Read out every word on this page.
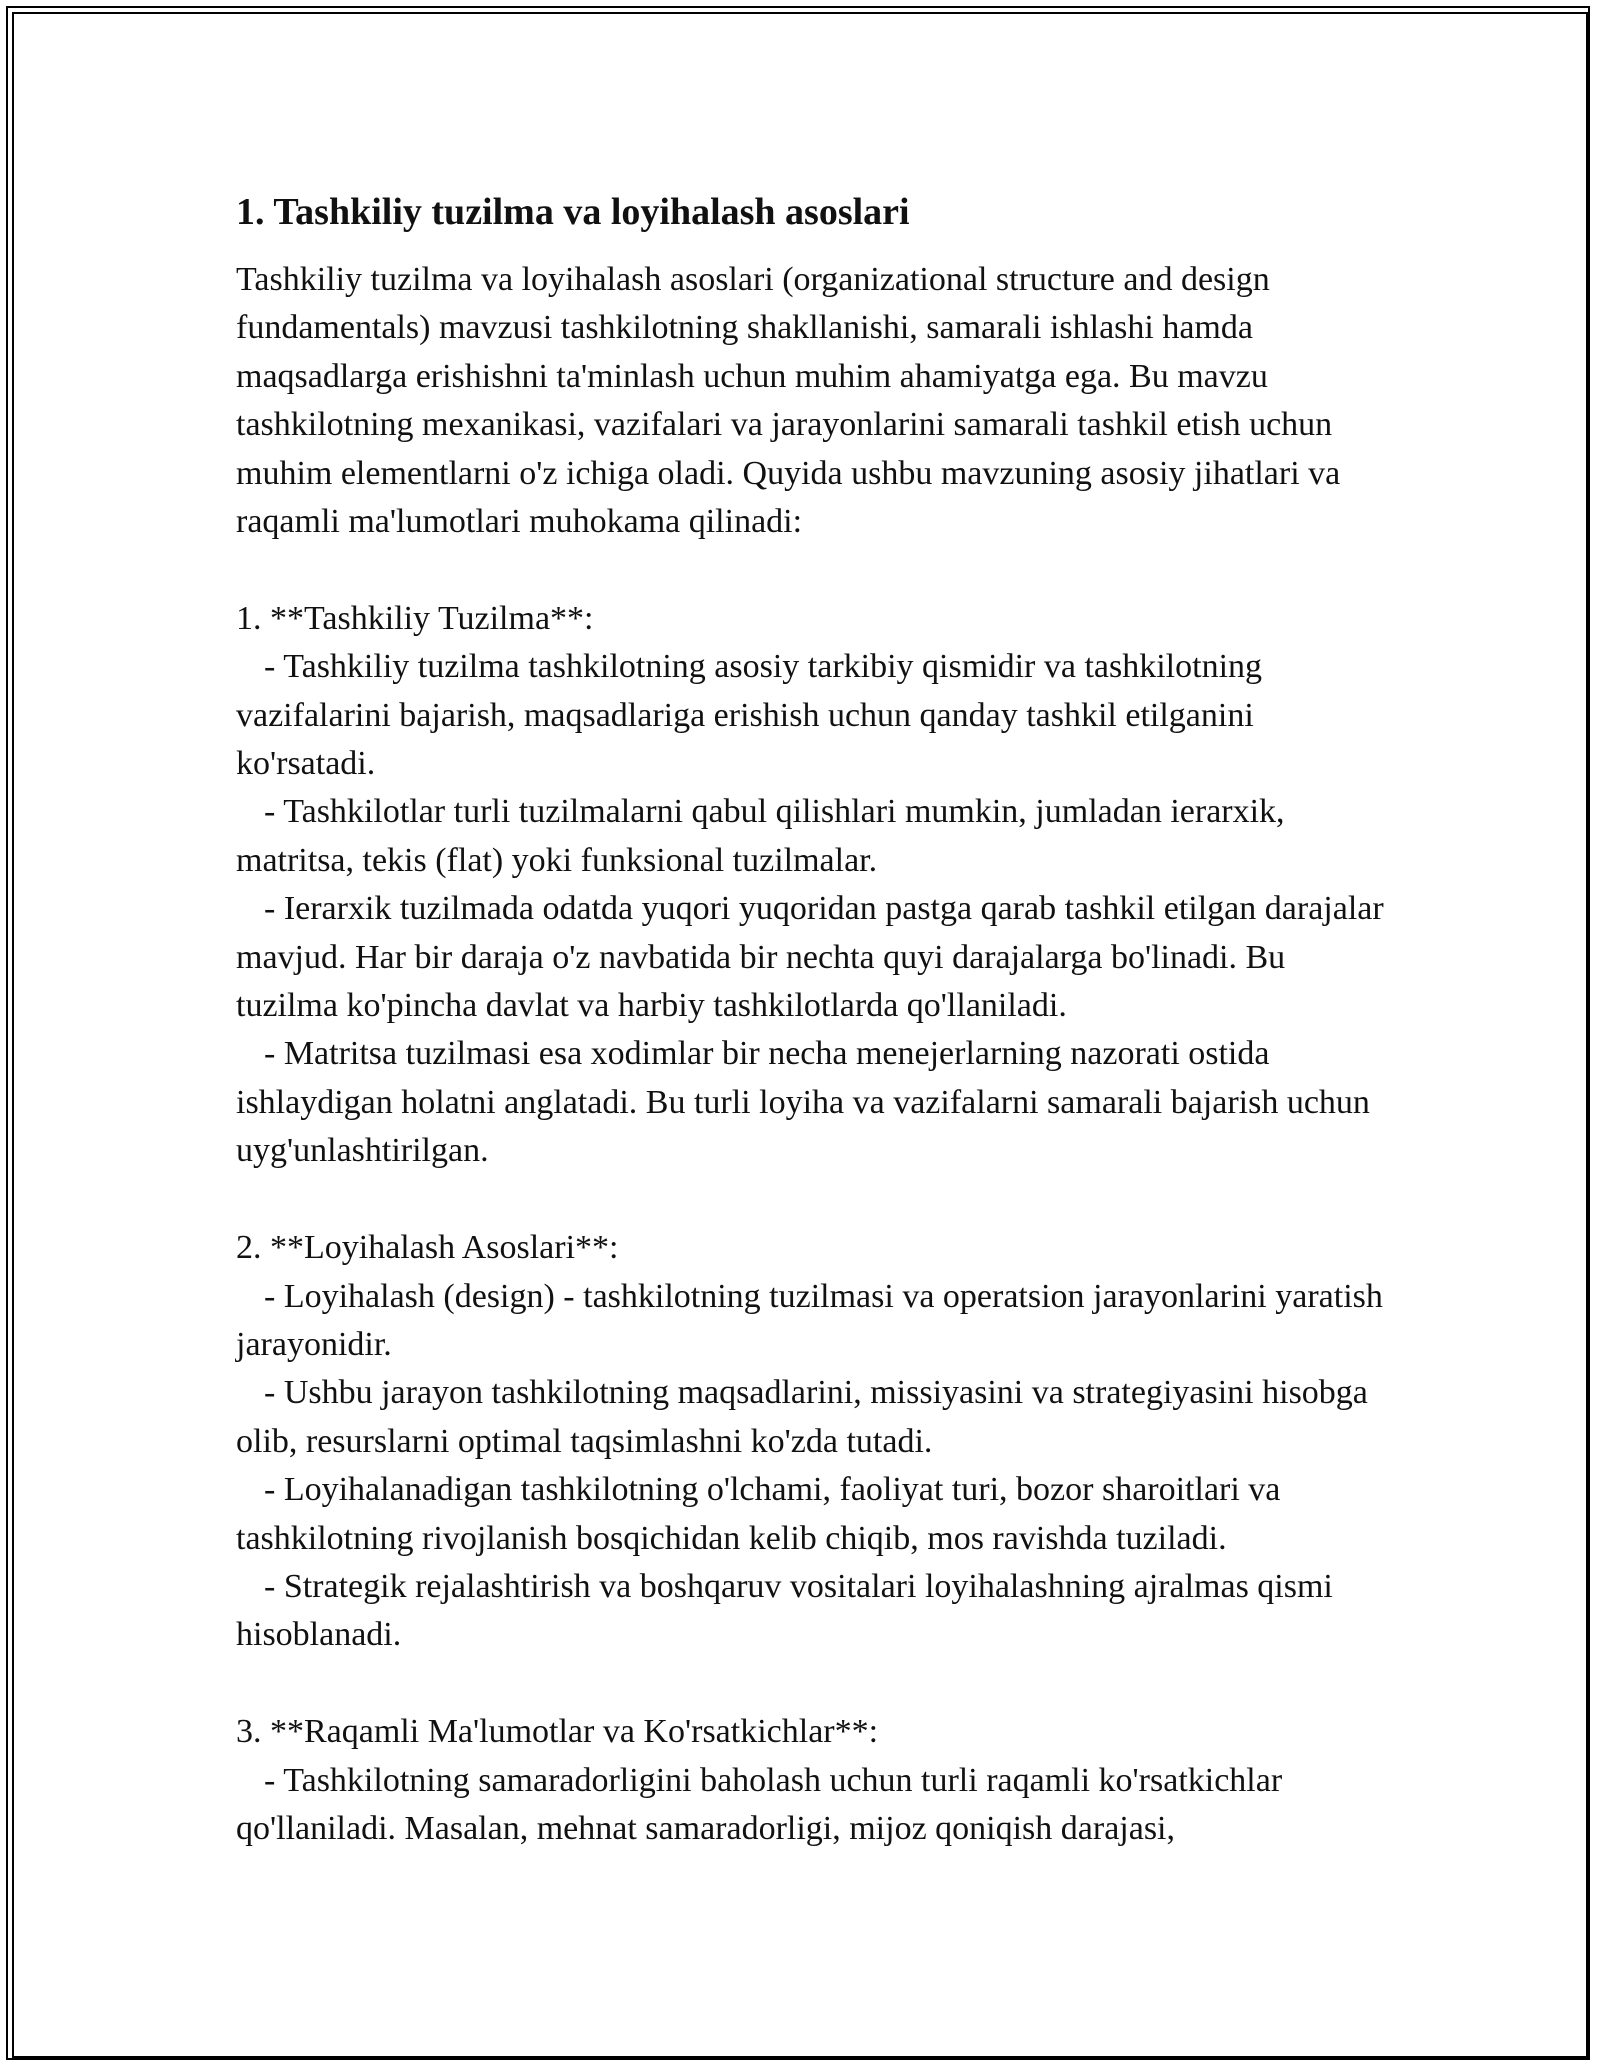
1. Tashkiliy tuzilma va loyihalash asoslari

Tashkiliy tuzilma va loyihalash asoslari (organizational structure and design fundamentals) mavzusi tashkilotning shakllanishi, samarali ishlashi hamda maqsadlarga erishishni ta'minlash uchun muhim ahamiyatga ega. Bu mavzu tashkilotning mexanikasi, vazifalari va jarayonlarini samarali tashkil etish uchun muhim elementlarni o'z ichiga oladi. Quyida ushbu mavzuning asosiy jihatlari va raqamli ma'lumotlari muhokama qilinadi:

1. **Tashkiliy Tuzilma**:

- Tashkiliy tuzilma tashkilotning asosiy tarkibiy qismidir va tashkilotning vazifalarini bajarish, maqsadlariga erishish uchun qanday tashkil etilganini ko'rsatadi.

- Tashkilotlar turli tuzilmalarni qabul qilishlari mumkin, jumladan ierarxik, matritsa, tekis (flat) yoki funksional tuzilmalar.

- Ierarxik tuzilmada odatda yuqori yuqoridan pastga qarab tashkil etilgan darajalar mavjud. Har bir daraja o'z navbatida bir nechta quyi darajalarga bo'linadi. Bu tuzilma ko'pincha davlat va harbiy tashkilotlarda qo'llaniladi.

- Matritsa tuzilmasi esa xodimlar bir necha menejerlarning nazorati ostida ishlaydigan holatni anglatadi. Bu turli loyiha va vazifalarni samarali bajarish uchun uyg'unlashtirilgan.

2. **Loyihalash Asoslari**:

- Loyihalash (design) - tashkilotning tuzilmasi va operatsion jarayonlarini yaratish jarayonidir.

- Ushbu jarayon tashkilotning maqsadlarini, missiyasini va strategiyasini hisobga olib, resurslarni optimal taqsimlashni ko'zda tutadi.

- Loyihalanadigan tashkilotning o'lchami, faoliyat turi, bozor sharoitlari va tashkilotning rivojlanish bosqichidan kelib chiqib, mos ravishda tuziladi.

- Strategik rejalashtirish va boshqaruv vositalari loyihalashning ajralmas qismi hisoblanadi.

3. **Raqamli Ma'lumotlar va Ko'rsatkichlar**:

- Tashkilotning samaradorligini baholash uchun turli raqamli ko'rsatkichlar qo'llaniladi. Masalan, mehnat samaradorligi, mijoz qoniqish darajasi,
